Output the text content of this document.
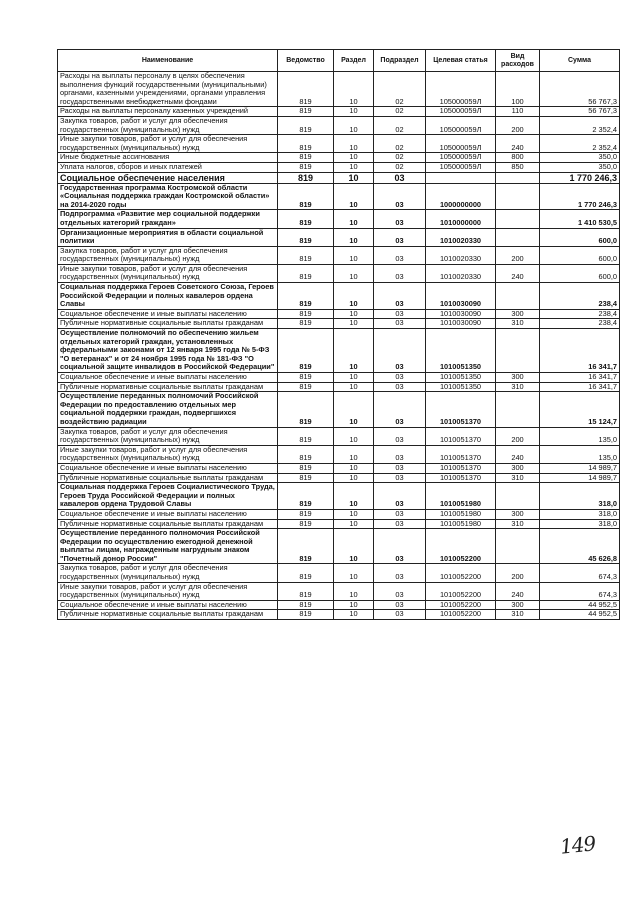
Наименование	Ведомство	Раздел	Подраздел	Целевая статья	Вид расходов	Сумма
Расходы на выплаты персоналу в целях обеспечения выполнения функций государственными (муниципальными) органами, казенными учреждениями, органами управления государственными внебюджетными фондами	819	10	02	105000059Л	100	56 767,3
Расходы на выплаты персоналу казенных учреждений	819	10	02	105000059Л	110	56 767,3
Закупка товаров, работ и услуг для обеспечения государственных (муниципальных) нужд	819	10	02	105000059Л	200	2 352,4
Иные закупки товаров, работ и услуг для обеспечения государственных (муниципальных) нужд	819	10	02	105000059Л	240	2 352,4
Иные бюджетные ассигнования	819	10	02	105000059Л	800	350,0
Уплата налогов, сборов и иных платежей	819	10	02	105000059Л	850	350,0
Социальное обеспечение населения	819	10	03			1 770 246,3
Государственная программа Костромской области «Социальная поддержка граждан Костромской области» на 2014-2020 годы	819	10	03	1000000000		1 770 246,3
Подпрограмма «Развитие мер социальной поддержки отдельных категорий граждан»	819	10	03	1010000000		1 410 530,5
Организационные мероприятия в области социальной политики	819	10	03	1010020330		600,0
Закупка товаров, работ и услуг для обеспечения государственных (муниципальных) нужд	819	10	03	1010020330	200	600,0
Иные закупки товаров, работ и услуг для обеспечения государственных (муниципальных) нужд	819	10	03	1010020330	240	600,0
Социальная поддержка Героев Советского Союза, Героев Российской Федерации и полных кавалеров ордена Славы	819	10	03	1010030090		238,4
Социальное обеспечение и иные выплаты населению	819	10	03	1010030090	300	238,4
Публичные нормативные социальные выплаты гражданам	819	10	03	1010030090	310	238,4
Осуществление полномочий по обеспечению жильем отдельных категорий граждан, установленных федеральными законами от 12 января 1995 года № 5-ФЗ "О ветеранах" и от 24 ноября 1995 года № 181-ФЗ "О социальной защите инвалидов в Российской Федерации"	819	10	03	1010051350		16 341,7
Социальное обеспечение и иные выплаты населению	819	10	03	1010051350	300	16 341,7
Публичные нормативные социальные выплаты гражданам	819	10	03	1010051350	310	16 341,7
Осуществление переданных полномочий Российской Федерации по предоставлению отдельных мер социальной поддержки граждан, подвергшихся воздействию радиации	819	10	03	1010051370		15 124,7
Закупка товаров, работ и услуг для обеспечения государственных (муниципальных) нужд	819	10	03	1010051370	200	135,0
Иные закупки товаров, работ и услуг для обеспечения государственных (муниципальных) нужд	819	10	03	1010051370	240	135,0
Социальное обеспечение и иные выплаты населению	819	10	03	1010051370	300	14 989,7
Публичные нормативные социальные выплаты гражданам	819	10	03	1010051370	310	14 989,7
Социальная поддержка Героев Социалистического Труда, Героев Труда Российской Федерации и полных кавалеров ордена Трудовой Славы	819	10	03	1010051980		318,0
Социальное обеспечение и иные выплаты населению	819	10	03	1010051980	300	318,0
Публичные нормативные социальные выплаты гражданам	819	10	03	1010051980	310	318,0
Осуществление переданного полномочия Российской Федерации по осуществлению ежегодной денежной выплаты лицам, награжденным нагрудным знаком "Почетный донор России"	819	10	03	1010052200		45 626,8
Закупка товаров, работ и услуг для обеспечения государственных (муниципальных) нужд	819	10	03	1010052200	200	674,3
Иные закупки товаров, работ и услуг для обеспечения государственных (муниципальных) нужд	819	10	03	1010052200	240	674,3
Социальное обеспечение и иные выплаты населению	819	10	03	1010052200	300	44 952,5
Публичные нормативные социальные выплаты гражданам	819	10	03	1010052200	310	44 952,5
149
